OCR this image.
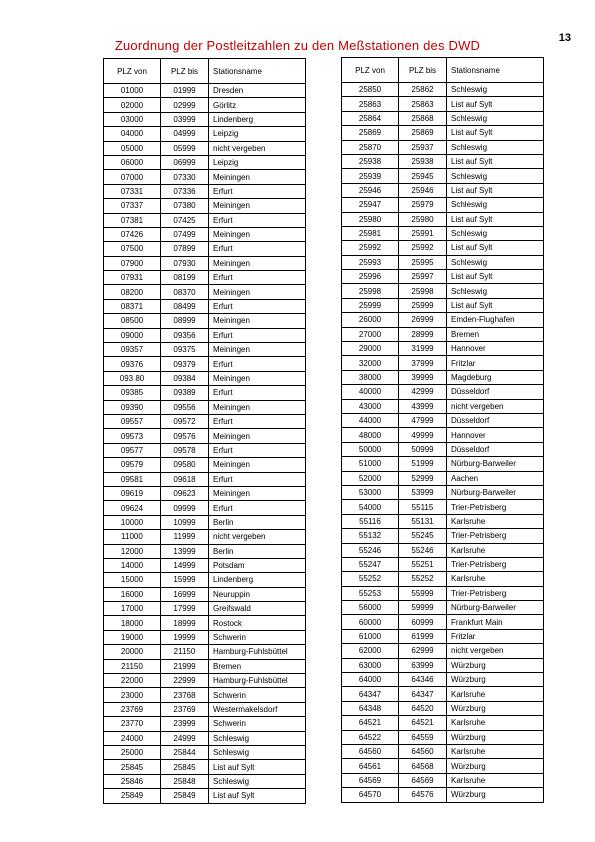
Zuordnung der Postleitzahlen zu den Meßstationen des DWD	13
PLZ von	PLZ bis	Stationsname
01000	01999	Dresden
02000	02999	Görlitz
03000	03999	Lindenberg
04000	04999	Leipzig
05000	05999	nicht vergeben
06000	06999	Leipzig
07000	07330	Meiningen
07331	07336	Erfurt
07337	07380	Meiningen
07381	07425	Erfurt
07426	07499	Meiningen
07500	07899	Erfurt
07900	07930	Meiningen
07931	08199	Erfurt
08200	08370	Meiningen
08371	08499	Erfurt
08500	08999	Meiningen
09000	09356	Erfurt
09357	09375	Meiningen
09376	09379	Erfurt
093 80	09384	Meiningen
09385	09389	Erfurt
09390	09556	Meiningen
09557	09572	Erfurt
09573	09576	Meiningen
09577	09578	Erfurt
09579	09580	Meiningen
09581	09618	Erfurt
09619	09623	Meiningen
09624	09999	Erfurt
10000	10999	Berlin
11000	11999	nicht vergeben
12000	13999	Berlin
14000	14999	Potsdam
15000	15999	Lindenberg
16000	16999	Neuruppin
17000	17999	Greifswald
18000	18999	Rostock
19000	19999	Schwerin
20000	21150	Hamburg-Fuhlsbüttel
21150	21999	Bremen
22000	22999	Hamburg-Fuhlsbüttel
23000	23768	Schwerin
23769	23769	Westermakelsdorf
23770	23999	Schwerin
24000	24999	Schleswig
25000	25844	Schleswig
25845	25845	List auf Sylt
25846	25848	Schleswig
25849	25849	List auf Sylt
PLZ von	PLZ bis	Stationsname
25850	25862	Schleswig
25863	25863	List auf Sylt
25864	25868	Schleswig
25869	25869	List auf Sylt
25870	25937	Schleswig
25938	25938	List auf Sylt
25939	25945	Schleswig
25946	25946	List auf Sylt
25947	25979	Schleswig
25980	25980	List auf Sylt
25981	25991	Schleswig
25992	25992	List auf Sylt
25993	25995	Schleswig
25996	25997	List auf Sylt
25998	25998	Schleswig
25999	25999	List auf Sylt
26000	26999	Emden-Flughafen
27000	28999	Bremen
29000	31999	Hannover
32000	37999	Fritzlar
38000	39999	Magdeburg
40000	42999	Düsseldorf
43000	43999	nicht vergeben
44000	47999	Düsseldorf
48000	49999	Hannover
50000	50999	Düsseldorf
51000	51999	Nürburg-Barweiler
52000	52999	Aachen
53000	53999	Nürburg-Barweiler
54000	55115	Trier-Petrisberg
55116	55131	Karlsruhe
55132	55245	Trier-Petrisberg
55246	55246	Karlsruhe
55247	55251	Trier-Petrisberg
55252	55252	Karlsruhe
55253	55999	Trier-Petrisberg
56000	59999	Nürburg-Barweiler
60000	60999	Frankfurt Main
61000	61999	Fritzlar
62000	62999	nicht vergeben
63000	63999	Würzburg
64000	64346	Würzburg
64347	64347	Karlsruhe
64348	64520	Würzburg
64521	64521	Karlsruhe
64522	64559	Würzburg
64560	64560	Karlsruhe
64561	64568	Würzburg
64569	64569	Karlsruhe
64570	64576	Würzburg
